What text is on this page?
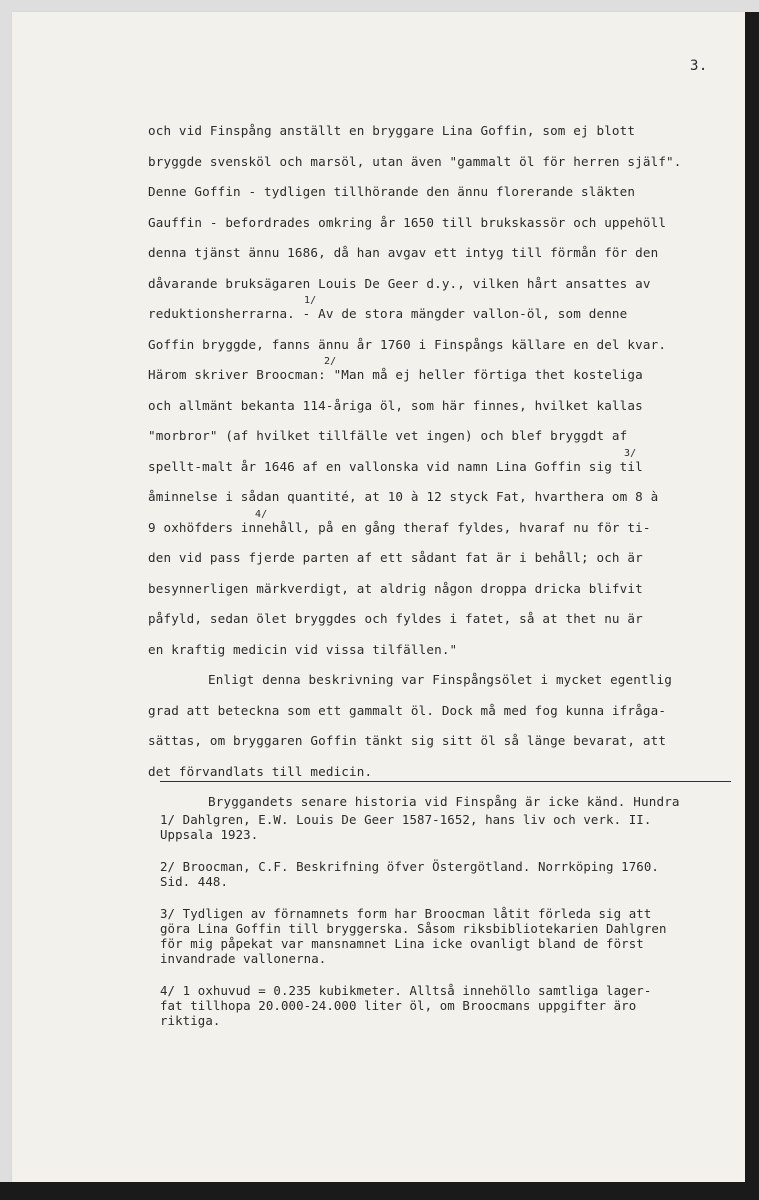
3.
och vid Finspång anställt en bryggare Lina Goffin, som ej blott
bryggde svensköl och marsöl, utan även "gammalt öl för herren själf".
Denne Goffin - tydligen tillhörande den ännu florerande släkten
Gauffin - befordrades omkring år 1650 till brukskassör och uppehöll
denna tjänst ännu 1686, då han avgav ett intyg till förmån för den
dåvarande bruksägaren Louis De Geer d.y., vilken hårt ansattes av
reduktionsherrarna.
1/
- Av de stora mängder vallon-öl, som denne
Goffin bryggde, fanns ännu år 1760 i Finspångs källare en del kvar.
Härom skriver Broocman:
2/
"Man må ej heller förtiga thet kosteliga
och allmänt bekanta 114-åriga öl, som här finnes, hvilket kallas
"morbror" (af hvilket tillfälle vet ingen) och blef bryggdt af
spellt-malt år 1646 af en vallonska vid namn Lina Goffin
3/
sig til
åminnelse i sådan quantité, at 10 à 12 styck Fat, hvarthera om 8 à
9 oxhöfders
4/
innehåll, på en gång theraf fyldes, hvaraf nu för ti-
den vid pass fjerde parten af ett sådant fat är i behåll; och är
besynnerligen märkverdigt, at aldrig någon droppa dricka blifvit
påfyld, sedan ölet bryggdes och fyldes i fatet, så at thet nu är
en kraftig medicin vid vissa tilfällen."
Enligt denna beskrivning var Finspångsölet i mycket egentlig
grad att beteckna som ett gammalt öl. Dock må med fog kunna ifråga-
sättas, om bryggaren Goffin tänkt sig sitt öl så länge bevarat, att
det förvandlats till medicin.
Bryggandets senare historia vid Finspång är icke känd. Hundra
1/ Dahlgren, E.W. Louis De Geer 1587-1652, hans liv och verk. II.
Uppsala 1923.
2/ Broocman, C.F. Beskrifning öfver Östergötland. Norrköping 1760.
Sid. 448.
3/ Tydligen av förnamnets form har Broocman låtit förleda sig att
göra Lina Goffin till bryggerska. Såsom riksbibliotekarien Dahlgren
för mig påpekat var mansnamnet Lina icke ovanligt bland de först
invandrade vallonerna.
4/ 1 oxhuvud = 0.235 kubikmeter. Alltså innehöllo samtliga lager-
fat tillhopa 20.000-24.000 liter öl, om Broocmans uppgifter äro
riktiga.
